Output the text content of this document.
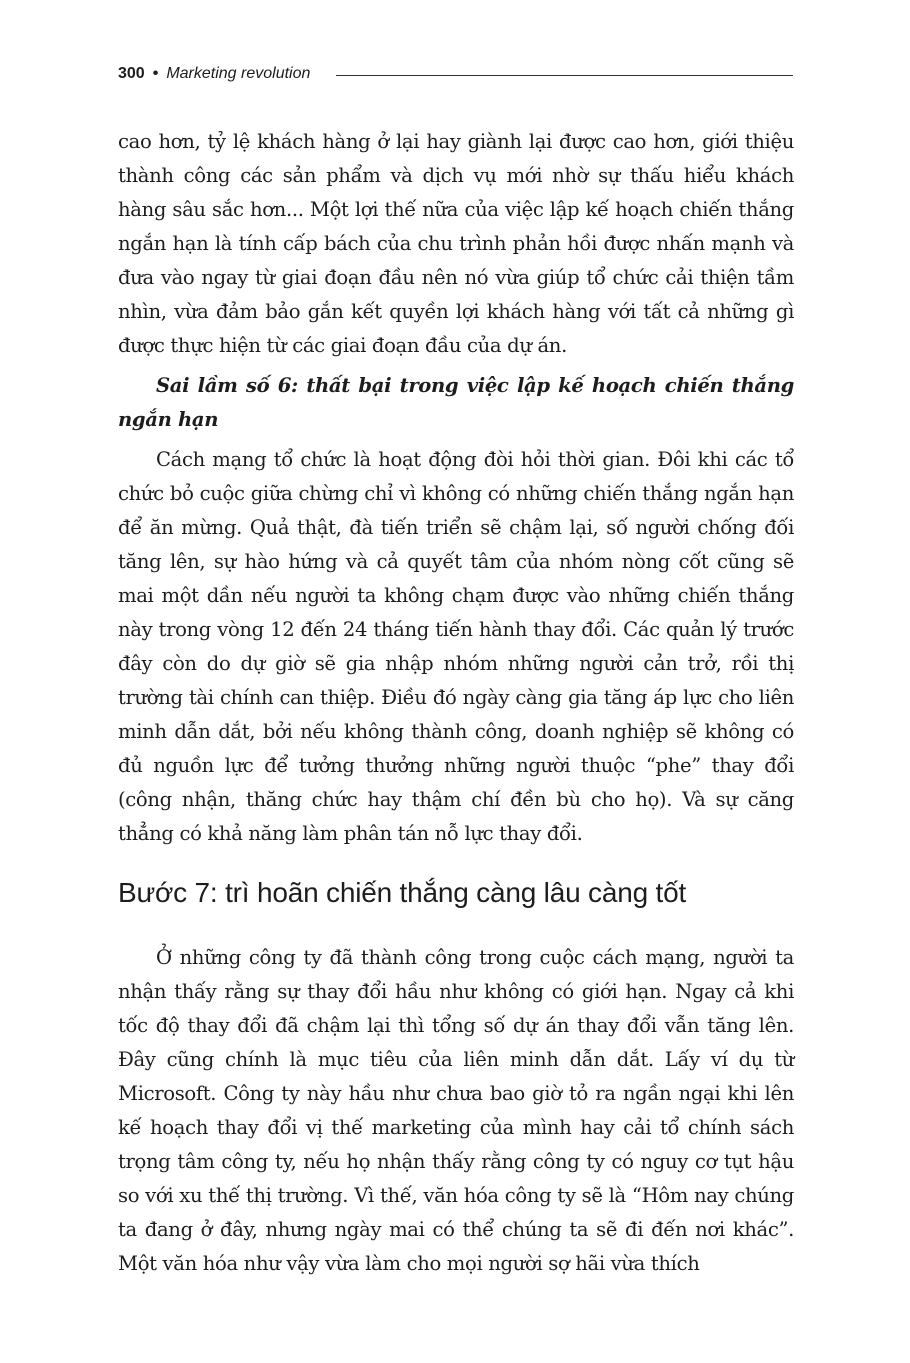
300 • Marketing revolution

cao hơn, tỷ lệ khách hàng ở lại hay giành lại được cao hơn, giới thiệu thành công các sản phẩm và dịch vụ mới nhờ sự thấu hiểu khách hàng sâu sắc hơn... Một lợi thế nữa của việc lập kế hoạch chiến thắng ngắn hạn là tính cấp bách của chu trình phản hồi được nhấn mạnh và đưa vào ngay từ giai đoạn đầu nên nó vừa giúp tổ chức cải thiện tầm nhìn, vừa đảm bảo gắn kết quyền lợi khách hàng với tất cả những gì được thực hiện từ các giai đoạn đầu của dự án.

Sai lầm số 6: thất bại trong việc lập kế hoạch chiến thắng ngắn hạn

Cách mạng tổ chức là hoạt động đòi hỏi thời gian. Đôi khi các tổ chức bỏ cuộc giữa chừng chỉ vì không có những chiến thắng ngắn hạn để ăn mừng. Quả thật, đà tiến triển sẽ chậm lại, số người chống đối tăng lên, sự hào hứng và cả quyết tâm của nhóm nòng cốt cũng sẽ mai một dần nếu người ta không chạm được vào những chiến thắng này trong vòng 12 đến 24 tháng tiến hành thay đổi. Các quản lý trước đây còn do dự giờ sẽ gia nhập nhóm những người cản trở, rồi thị trường tài chính can thiệp. Điều đó ngày càng gia tăng áp lực cho liên minh dẫn dắt, bởi nếu không thành công, doanh nghiệp sẽ không có đủ nguồn lực để tưởng thưởng những người thuộc “phe” thay đổi (công nhận, thăng chức hay thậm chí đền bù cho họ). Và sự căng thẳng có khả năng làm phân tán nỗ lực thay đổi.

Bước 7: trì hoãn chiến thắng càng lâu càng tốt

Ở những công ty đã thành công trong cuộc cách mạng, người ta nhận thấy rằng sự thay đổi hầu như không có giới hạn. Ngay cả khi tốc độ thay đổi đã chậm lại thì tổng số dự án thay đổi vẫn tăng lên. Đây cũng chính là mục tiêu của liên minh dẫn dắt. Lấy ví dụ từ Microsoft. Công ty này hầu như chưa bao giờ tỏ ra ngần ngại khi lên kế hoạch thay đổi vị thế marketing của mình hay cải tổ chính sách trọng tâm công ty, nếu họ nhận thấy rằng công ty có nguy cơ tụt hậu so với xu thế thị trường. Vì thế, văn hóa công ty sẽ là “Hôm nay chúng ta đang ở đây, nhưng ngày mai có thể chúng ta sẽ đi đến nơi khác”. Một văn hóa như vậy vừa làm cho mọi người sợ hãi vừa thích
